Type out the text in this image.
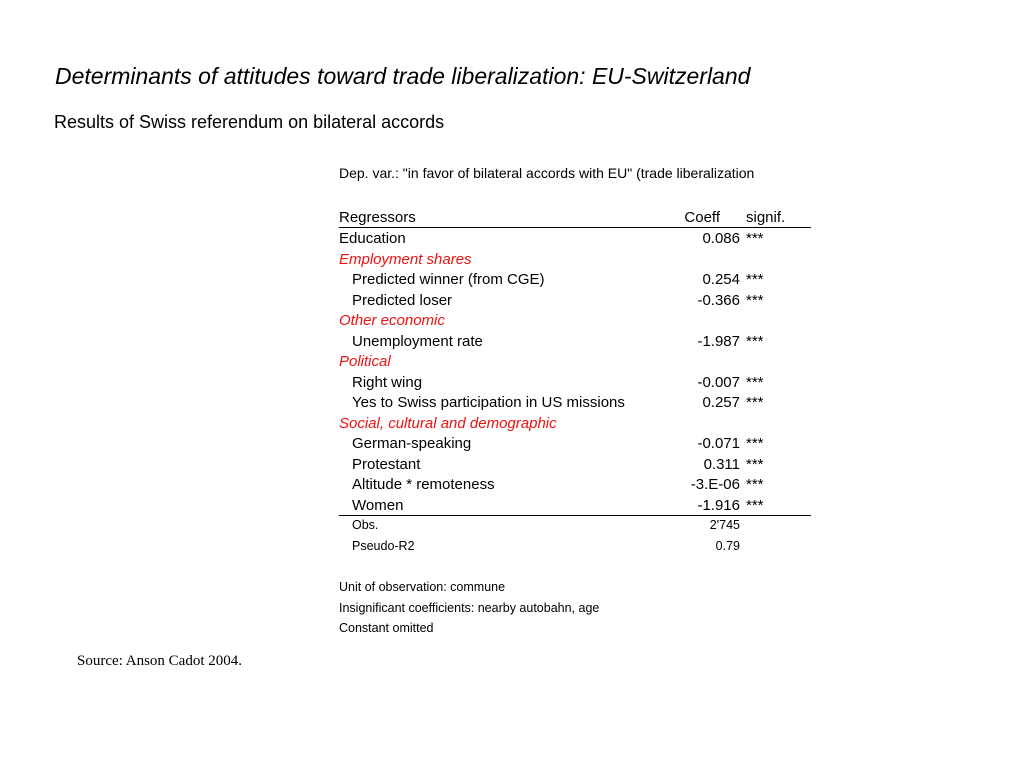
Determinants of attitudes toward trade liberalization: EU-Switzerland
Results of Swiss referendum on bilateral accords
Dep. var.: "in favor of bilateral accords with EU" (trade liberalization
Regressors	Coeff signif.
Education	0.086 ***
Employment shares
Predicted winner (from CGE)	0.254 ***
Predicted loser	-0.366 ***
Other economic
Unemployment rate	-1.987 ***
Political
Right wing	-0.007 ***
Yes to Swiss participation in US missions	0.257 ***
Social, cultural and demographic
German-speaking	-0.071 ***
Protestant	0.311 ***
Altitude * remoteness	-3.E-06 ***
Women	-1.916 ***
Obs.	2'745
Pseudo-R2	0.79
Unit of observation: commune
Insignificant coefficients: nearby autobahn, age
Constant omitted
Source: Anson Cadot 2004.
